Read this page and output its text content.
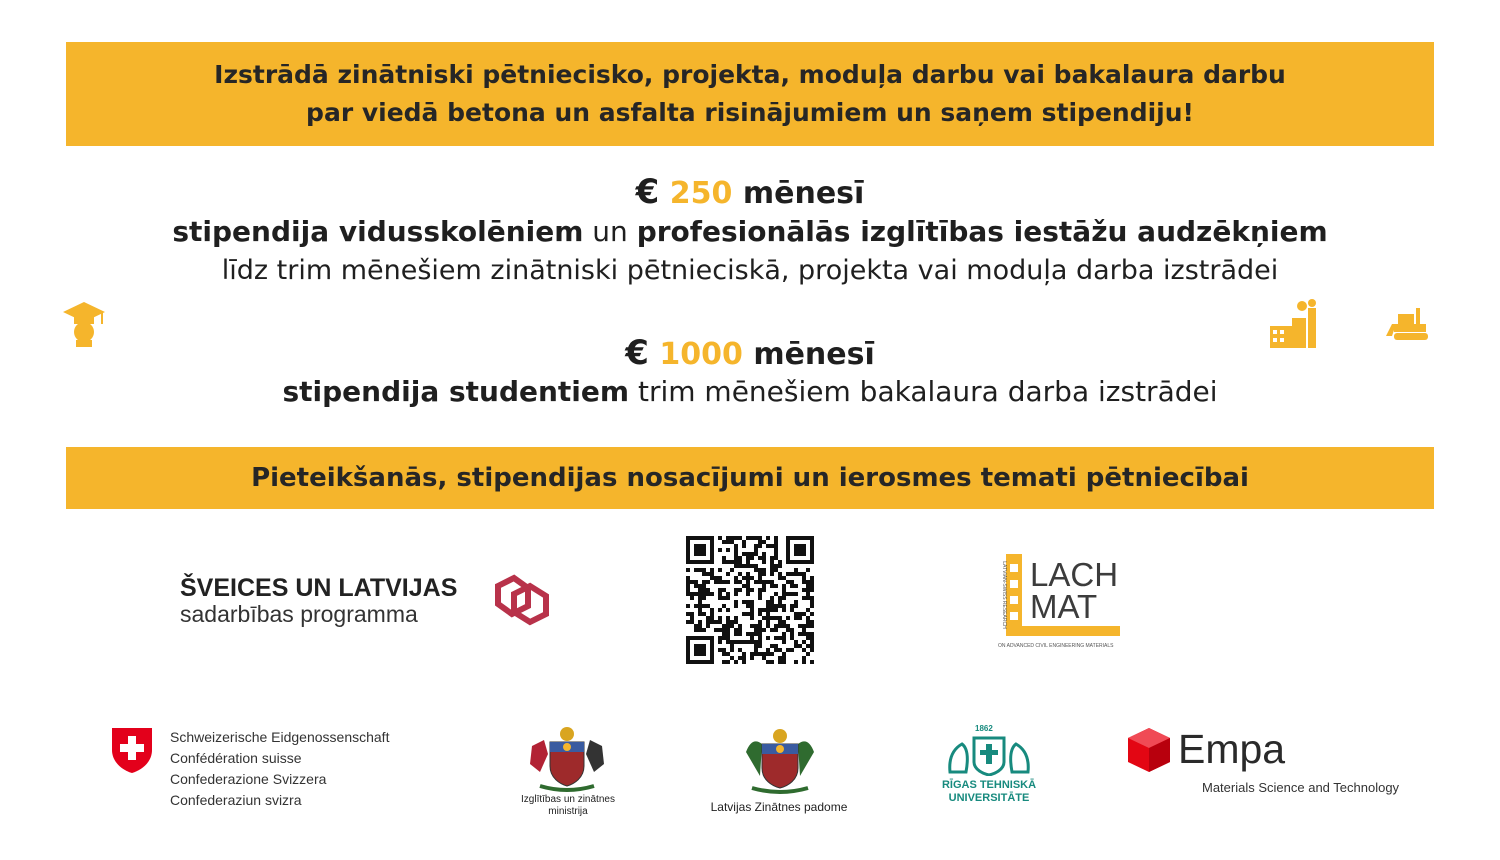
Izstrādā zinātniski pētniecisko, projekta, moduļa darbu vai bakalaura darbu
par viedā betona un asfalta risinājumiem un saņem stipendiju!
€ 250 mēnesī
stipendija vidusskolēniem un profesionālās izglītības iestāžu audzēkņiem
līdz trim mēnešiem zinātniski pētnieciskā, projekta vai moduļa darba izstrādei
€ 1000 mēnesī
stipendija studentiem trim mēnešiem bakalaura darba izstrādei
Pieteikšanās, stipendijas nosacījumi un ierosmes temati pētniecībai
ŠVEICES UN LATVIJAS
sadarbības programma
LACH
MAT
LATVIAN-SWISS RESEARCH
ON ADVANCED CIVIL ENGINEERING MATERIALS
Schweizerische Eidgenossenschaft
Confédération suisse
Confederazione Svizzera
Confederaziun svizra	Izglītības un zinātnes
ministrija	Latvijas Zinātnes padome
1862
RĪGAS TEHNISKĀ
UNIVERSITĀTE
Empa
Materials Science and Technology
